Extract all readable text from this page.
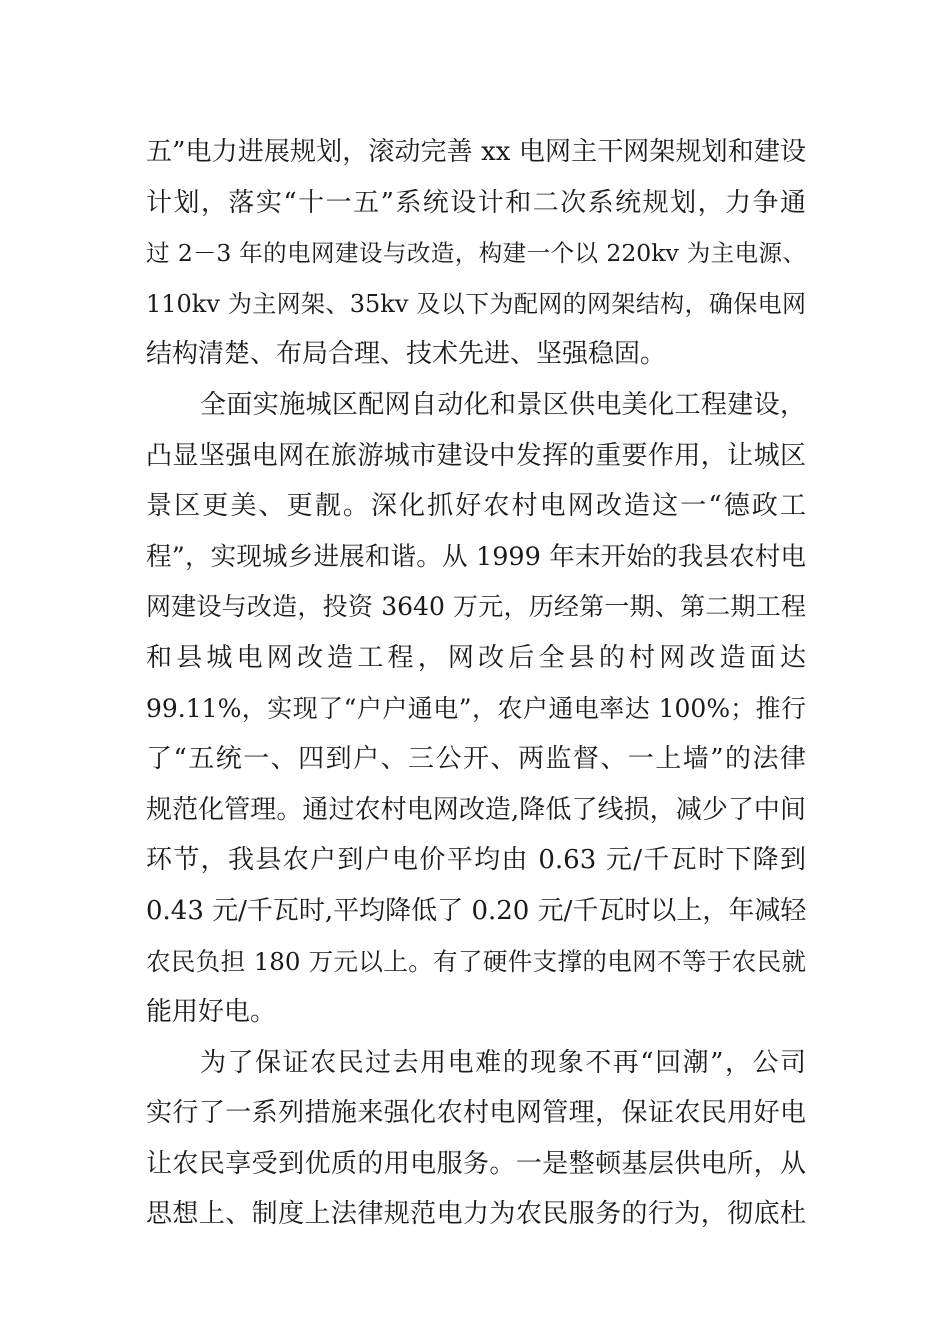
五”电力进展规划，滚动完善 xx 电网主干网架规划和建设
计划，落实“十一五”系统设计和二次系统规划，力争通
过 2－3 年的电网建设与改造，构建一个以 220kv 为主电源、
110kv 为主网架、35kv 及以下为配网的网架结构，确保电网
结构清楚、布局合理、技术先进、坚强稳固。
全面实施城区配网自动化和景区供电美化工程建设，
凸显坚强电网在旅游城市建设中发挥的重要作用，让城区
景区更美、更靓。深化抓好农村电网改造这一“德政工
程”，实现城乡进展和谐。从 1999 年末开始的我县农村电
网建设与改造，投资 3640 万元，历经第一期、第二期工程
和县城电网改造工程，网改后全县的村网改造面达
99.11%，实现了“户户通电”，农户通电率达 100%；推行
了“五统一、四到户、三公开、两监督、一上墙”的法律
规范化管理。通过农村电网改造,降低了线损，减少了中间
环节，我县农户到户电价平均由 0.63 元/千瓦时下降到
0.43 元/千瓦时,平均降低了 0.20 元/千瓦时以上，年减轻
农民负担 180 万元以上。有了硬件支撑的电网不等于农民就
能用好电。
为了保证农民过去用电难的现象不再“回潮”，公司
实行了一系列措施来强化农村电网管理，保证农民用好电
让农民享受到优质的用电服务。一是整顿基层供电所，从
思想上、制度上法律规范电力为农民服务的行为，彻底杜
